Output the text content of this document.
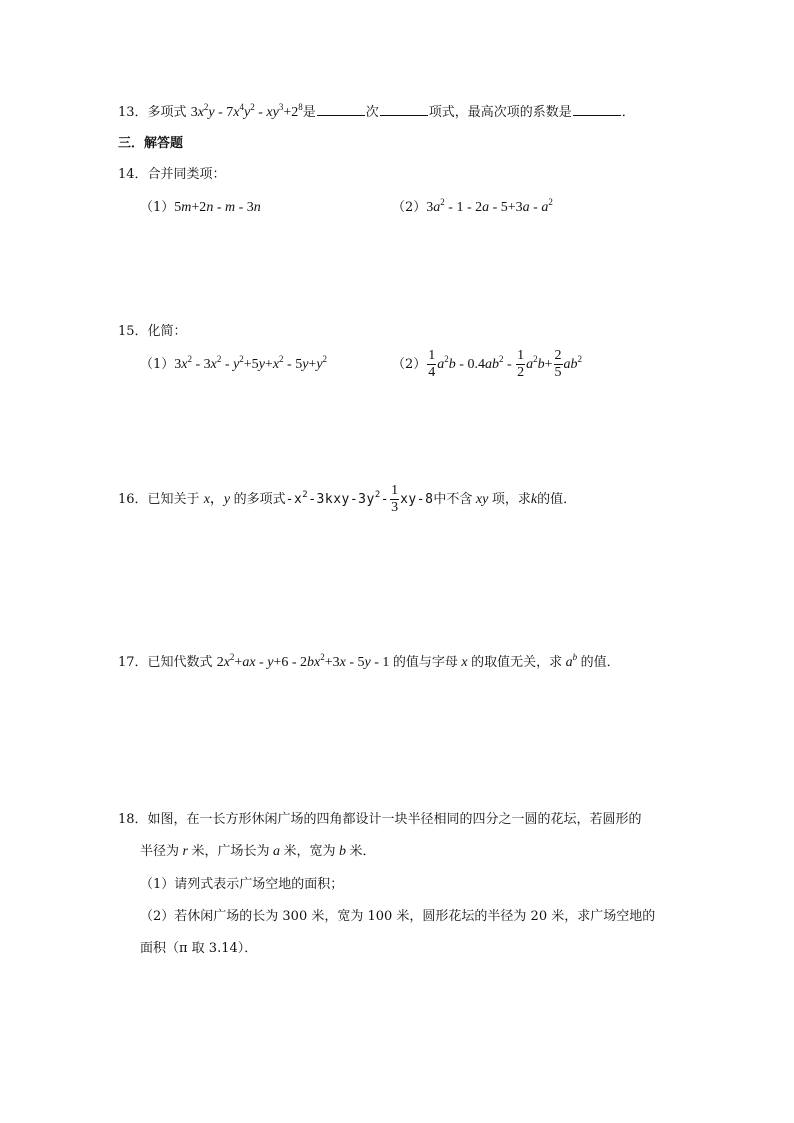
13．多项式 $3x^2y - 7x^4y^2 - xy^3+2^8$是	次	项式，最高次项的系数是	．
三．解答题
14．合并同类项：
（1）5m+2n - m - 3n	$(2)3a^2 - 1 - 2a - 5+3a - a^2$
15．化简：
$(1)3x^2 - 3x^2 - y^2+5y+x^2 - 5y+y^2$	$(2) \frac{1}{4} a^2b - 0.4ab^2 - \frac{1}{2} a^2b+ \frac{2}{5} ab^2$
16．已知关于 x，y 的多项式$-x^2-3kxy-3y^2- \frac{1}{3} xy-8$中不含 xy 项，求k的值．
17．已知代数式 $2x^2+ax - y+6 - 2bx^2+3x - 5y - 1$ 的值与字母 x 的取值无关，求 $a^b$ 的值．
18．如图，在一长方形休闲广场的四角都设计一块半径相同的四分之一圆的花坛，若圆形的
半径为 r 米，广场长为 a 米，宽为 b 米．
（1）请列式表示广场空地的面积；
（2）若休闲广场的长为 300 米，宽为 100 米，圆形花坛的半径为 20 米，求广场空地的
面积（π 取 3.14）．
